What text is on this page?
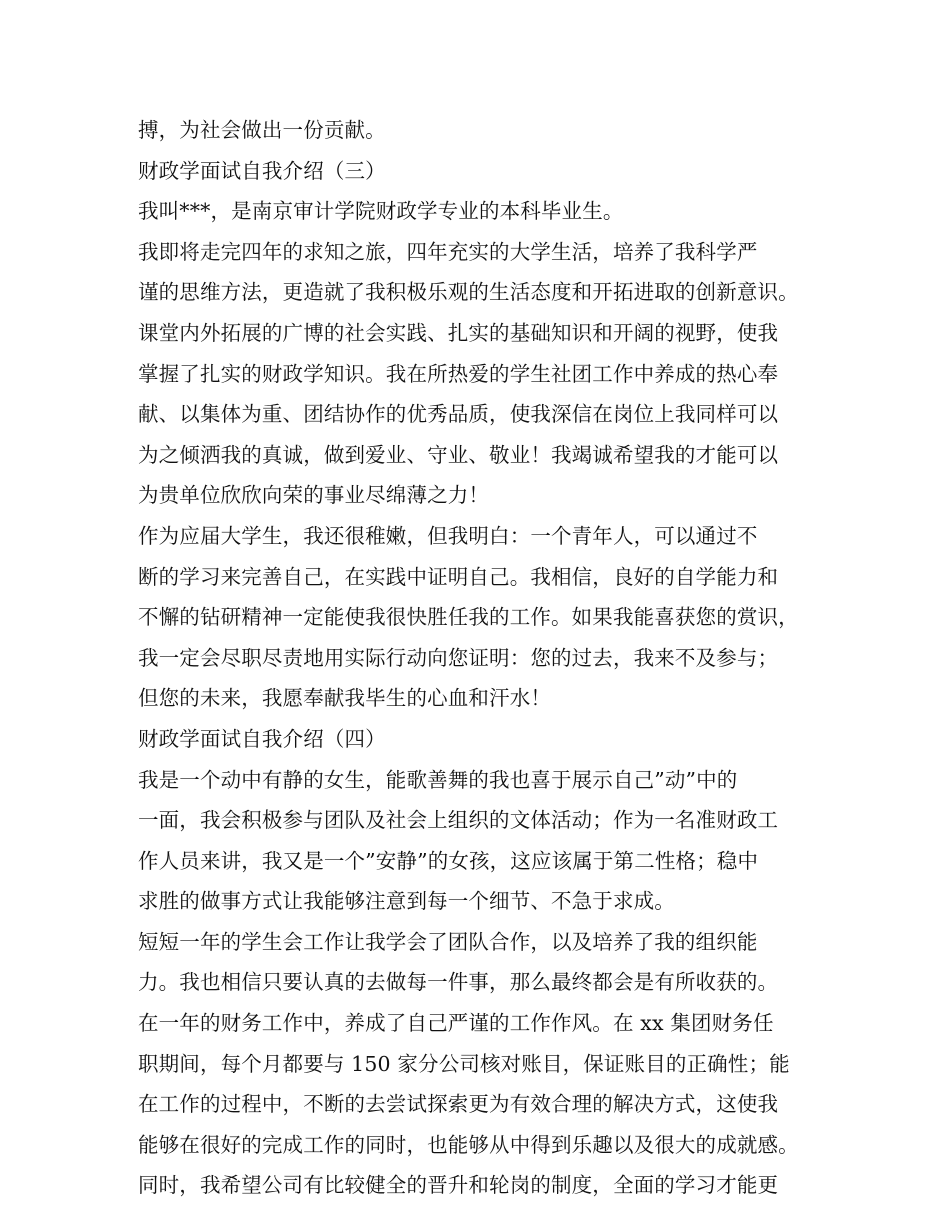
搏，为社会做出一份贡献。
财政学面试自我介绍（三）
我叫***，是南京审计学院财政学专业的本科毕业生。
我即将走完四年的求知之旅，四年充实的大学生活，培养了我科学严
谨的思维方法，更造就了我积极乐观的生活态度和开拓进取的创新意识。
课堂内外拓展的广博的社会实践、扎实的基础知识和开阔的视野，使我
掌握了扎实的财政学知识。我在所热爱的学生社团工作中养成的热心奉
献、以集体为重、团结协作的优秀品质，使我深信在岗位上我同样可以
为之倾洒我的真诚，做到爱业、守业、敬业！我竭诚希望我的才能可以
为贵单位欣欣向荣的事业尽绵薄之力！
作为应届大学生，我还很稚嫩，但我明白：一个青年人，可以通过不
断的学习来完善自己，在实践中证明自己。我相信，良好的自学能力和
不懈的钻研精神一定能使我很快胜任我的工作。如果我能喜获您的赏识，
我一定会尽职尽责地用实际行动向您证明：您的过去，我来不及参与；
但您的未来，我愿奉献我毕生的心血和汗水！
财政学面试自我介绍（四）
我是一个动中有静的女生，能歌善舞的我也喜于展示自己”动”中的
一面，我会积极参与团队及社会上组织的文体活动；作为一名准财政工
作人员来讲，我又是一个”安静”的女孩，这应该属于第二性格；稳中
求胜的做事方式让我能够注意到每一个细节、不急于求成。
短短一年的学生会工作让我学会了团队合作，以及培养了我的组织能
力。我也相信只要认真的去做每一件事，那么最终都会是有所收获的。
在一年的财务工作中，养成了自己严谨的工作作风。在 xx 集团财务任
职期间，每个月都要与 150 家分公司核对账目，保证账目的正确性；能
在工作的过程中，不断的去尝试探索更为有效合理的解决方式，这使我
能够在很好的完成工作的同时，也能够从中得到乐趣以及很大的成就感。
同时，我希望公司有比较健全的晋升和轮岗的制度，全面的学习才能更
